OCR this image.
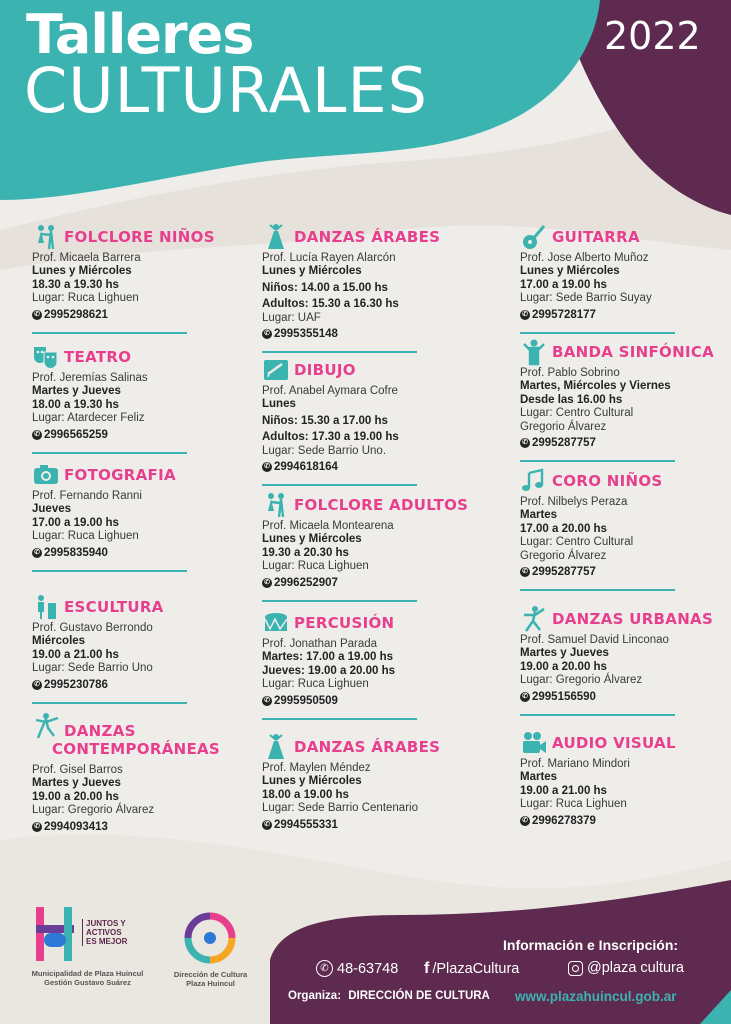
Talleres
CULTURALES
2022
FOLCLORE NIÑOS
Prof. Micaela Barrera
Lunes y Miércoles
18.30 a 19.30 hs
Lugar: Ruca Lighuen
✆ 2995298621
TEATRO
Prof. Jeremías Salinas
Martes y Jueves
18.00 a 19.30 hs
Lugar: Atardecer Feliz
✆ 2996565259
FOTOGRAFIA
Prof. Fernando Ranni
Jueves
17.00 a 19.00 hs
Lugar: Ruca Lighuen
✆ 2995835940
ESCULTURA
Prof. Gustavo Berrondo
Miércoles
19.00 a 21.00 hs
Lugar: Sede Barrio Uno
✆ 2995230786
DANZAS
CONTEMPORÁNEAS
Prof. Gisel Barros
Martes y Jueves
19.00 a 20.00 hs
Lugar: Gregorio Álvarez
✆ 2994093413
DANZAS ÁRABES
Prof. Lucía Rayen Alarcón
Lunes y Miércoles
Niños: 14.00 a 15.00 hs
Adultos: 15.30 a 16.30 hs
Lugar: UAF
✆ 2995355148
DIBUJO
Prof. Anabel Aymara Cofre
Lunes
Niños: 15.30 a 17.00 hs
Adultos: 17.30 a 19.00 hs
Lugar: Sede Barrio Uno.
✆ 2994618164
FOLCLORE ADULTOS
Prof. Micaela Montearena
Lunes y Miércoles
19.30 a 20.30 hs
Lugar: Ruca Lighuen
✆ 2996252907
PERCUSIÓN
Prof. Jonathan Parada
Martes: 17.00 a 19.00 hs
Jueves: 19.00 a 20.00 hs
Lugar: Ruca Lighuen
✆ 2995950509
DANZAS ÁRABES
Prof. Maylen Méndez
Lunes y Miércoles
18.00 a 19.00 hs
Lugar: Sede Barrio Centenario
✆ 2994555331
GUITARRA
Prof. Jose Alberto Muñoz
Lunes y Miércoles
17.00 a 19.00 hs
Lugar: Sede Barrio Suyay
✆ 2995728177
BANDA SINFÓNICA
Prof. Pablo Sobrino
Martes, Miércoles y Viernes
Desde las 16.00 hs
Lugar: Centro Cultural
Gregorio Álvarez
✆ 2995287757
CORO NIÑOS
Prof. Nilbelys Peraza
Martes
17.00 a 20.00 hs
Lugar: Centro Cultural
Gregorio Álvarez
✆ 2995287757
DANZAS URBANAS
Prof. Samuel David Linconao
Martes y Jueves
19.00 a 20.00 hs
Lugar: Gregorio Álvarez
✆ 2995156590
AUDIO VISUAL
Prof. Mariano Mindori
Martes
19.00 a 21.00 hs
Lugar: Ruca Lighuen
✆ 2996278379
JUNTOS Y
ACTIVOS
ES MEJOR
Municipalidad de Plaza Huincul
Gestión Gustavo Suárez
Dirección de Cultura
Plaza Huincul
Información e Inscripción:
✆ 48-63748 f /PlazaCultura	@plaza cultura
Organiza: DIRECCIÓN DE CULTURA www.plazahuincul.gob.ar
